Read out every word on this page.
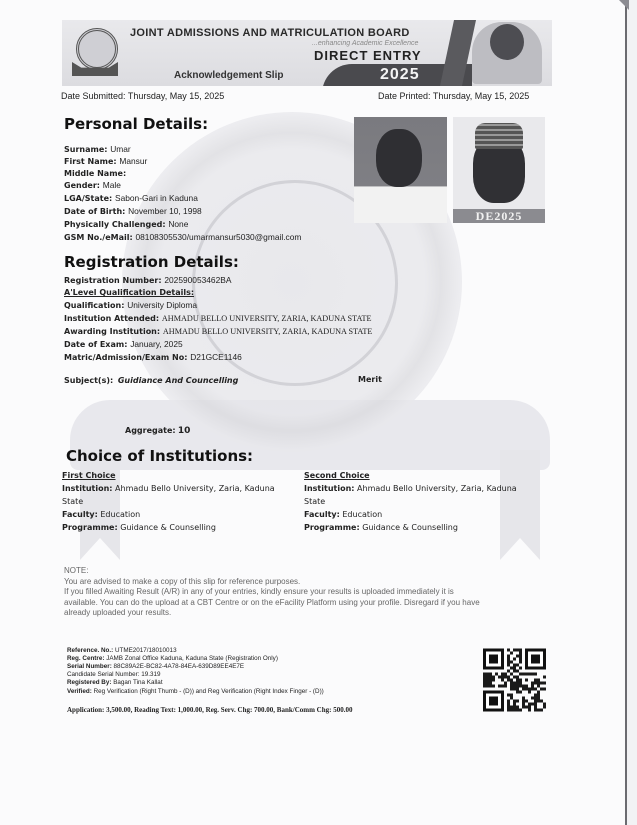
JOINT ADMISSIONS AND MATRICULATION BOARD
...enhancing Academic Excellence
DIRECT ENTRY
Acknowledgement Slip	2025
Date Submitted: Thursday, May 15, 2025	Date Printed: Thursday, May 15, 2025
Personal Details:
Surname: Umar
First Name: Mansur
Middle Name:
Gender: Male
LGA/State: Sabon-Gari in Kaduna
Date of Birth: November 10, 1998
Physically Challenged: None
GSM No./eMail: 08108305530/umarmansur5030@gmail.com
DE2025
Registration Details:
Registration Number: 202590053462BA
A'Level Qualification Details:
Qualification: University Diploma
Institution Attended: AHMADU BELLO UNIVERSITY, ZARIA, KADUNA STATE
Awarding Institution: AHMADU BELLO UNIVERSITY, ZARIA, KADUNA STATE
Date of Exam: January, 2025
Matric/Admission/Exam No: D21GCE1146
Subject(s): Guidiance And Councelling	Merit
Aggregate: 10
Choice of Institutions:
First Choice
Institution: Ahmadu Bello University, Zaria, Kaduna State
Faculty: Education
Programme: Guidance & Counselling
Second Choice
Institution: Ahmadu Bello University, Zaria, Kaduna State
Faculty: Education
Programme: Guidance & Counselling
NOTE:
You are advised to make a copy of this slip for reference purposes.
If you filled Awaiting Result (A/R) in any of your entries, kindly ensure your results is uploaded immediately it is available. You can do the upload at a CBT Centre or on the eFacility Platform using your profile. Disregard if you have already uploaded your results.
Reference. No.: UTME2017/18010013
Reg. Centre: JAMB Zonal Office Kaduna, Kaduna State (Registration Only)
Serial Number: 88C89A2E-BC82-4A78-84EA-639D89EE4E7E
Candidate Serial Number: 19.319
Registered By: Bagan Tina Kallat
Verified: Reg Verification (Right Thumb - (D)) and Reg Verification (Right Index Finger - (D))
Application: 3,500.00, Reading Text: 1,000.00, Reg. Serv. Chg: 700.00, Bank/Comm Chg: 500.00
